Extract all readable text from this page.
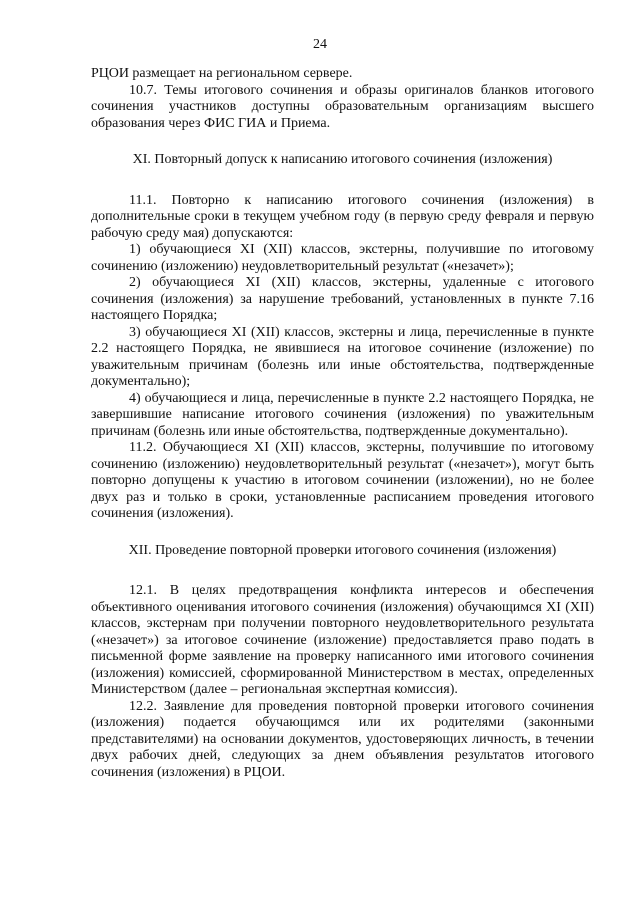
24

РЦОИ размещает на региональном сервере.

10.7. Темы итогового сочинения и образы оригиналов бланков итогового сочинения участников доступны образовательным организациям высшего образования через ФИС ГИА и Приема.

XI. Повторный допуск к написанию итогового сочинения (изложения)

11.1. Повторно к написанию итогового сочинения (изложения) в дополнительные сроки в текущем учебном году (в первую среду февраля и первую рабочую среду мая) допускаются:

1) обучающиеся XI (XII) классов, экстерны, получившие по итоговому сочинению (изложению) неудовлетворительный результат («незачет»);

2) обучающиеся XI (XII) классов, экстерны, удаленные с итогового сочинения (изложения) за нарушение требований, установленных в пункте 7.16 настоящего Порядка;

3) обучающиеся XI (XII) классов, экстерны и лица, перечисленные в пункте 2.2 настоящего Порядка, не явившиеся на итоговое сочинение (изложение) по уважительным причинам (болезнь или иные обстоятельства, подтвержденные документально);

4) обучающиеся и лица, перечисленные в пункте 2.2 настоящего Порядка, не завершившие написание итогового сочинения (изложения) по уважительным причинам (болезнь или иные обстоятельства, подтвержденные документально).

11.2. Обучающиеся XI (XII) классов, экстерны, получившие по итоговому сочинению (изложению) неудовлетворительный результат («незачет»), могут быть повторно допущены к участию в итоговом сочинении (изложении), но не более двух раз и только в сроки, установленные расписанием проведения итогового сочинения (изложения).

XII. Проведение повторной проверки итогового сочинения (изложения)

12.1. В целях предотвращения конфликта интересов и обеспечения объективного оценивания итогового сочинения (изложения) обучающимся XI (XII) классов, экстернам при получении повторного неудовлетворительного результата («незачет») за итоговое сочинение (изложение) предоставляется право подать в письменной форме заявление на проверку написанного ими итогового сочинения (изложения) комиссией, сформированной Министерством в местах, определенных Министерством (далее – региональная экспертная комиссия).

12.2. Заявление для проведения повторной проверки итогового сочинения (изложения) подается обучающимся или их родителями (законными представителями) на основании документов, удостоверяющих личность, в течении двух рабочих дней, следующих за днем объявления результатов итогового сочинения (изложения) в РЦОИ.
